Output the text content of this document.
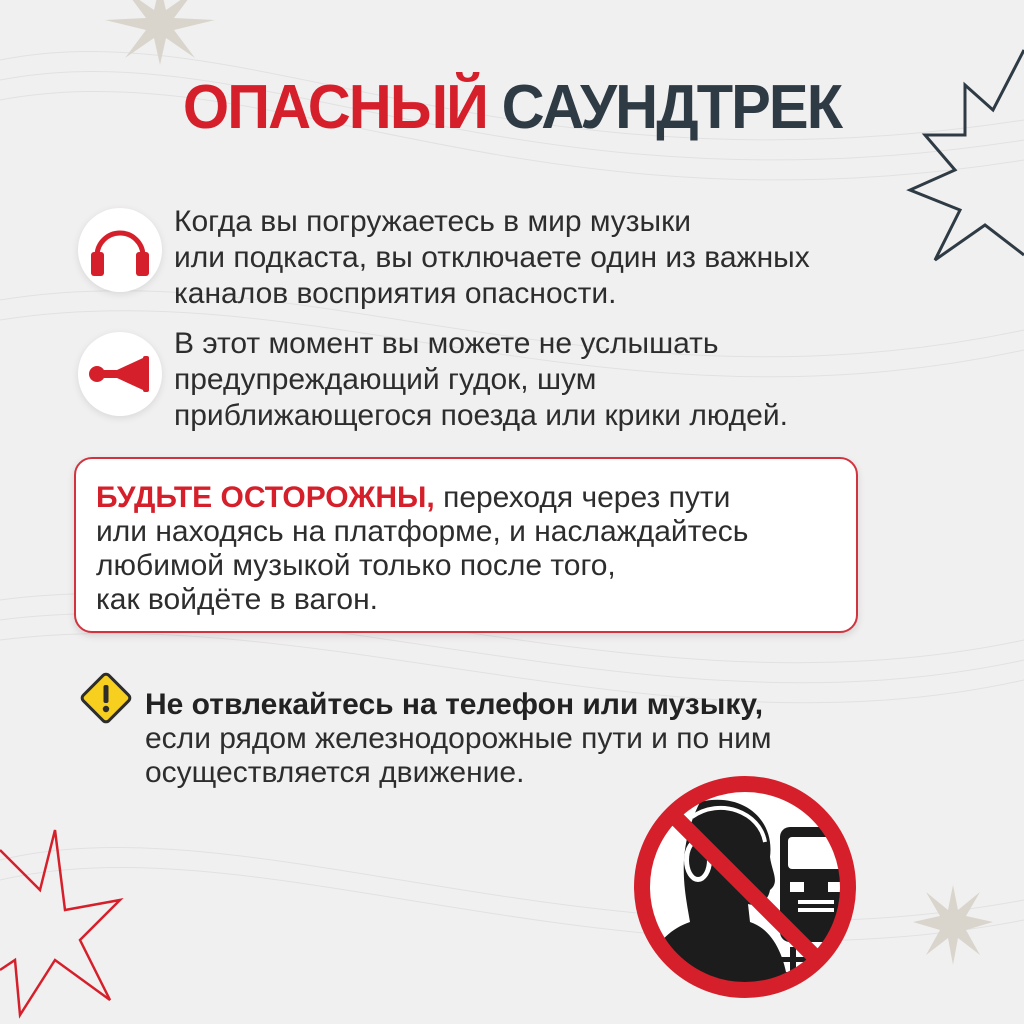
ОПАСНЫЙ САУНДТРЕК
Когда вы погружаетесь в мир музыки
или подкаста, вы отключаете один из важных
каналов восприятия опасности.
В этот момент вы можете не услышать
предупреждающий гудок, шум
приближающегося поезда или крики людей.
БУДЬТЕ ОСТОРОЖНЫ, переходя через пути
или находясь на платформе, и наслаждайтесь
любимой музыкой только после того,
как войдёте в вагон.
Не отвлекайтесь на телефон или музыку,
если рядом железнодорожные пути и по ним
осуществляется движение.
